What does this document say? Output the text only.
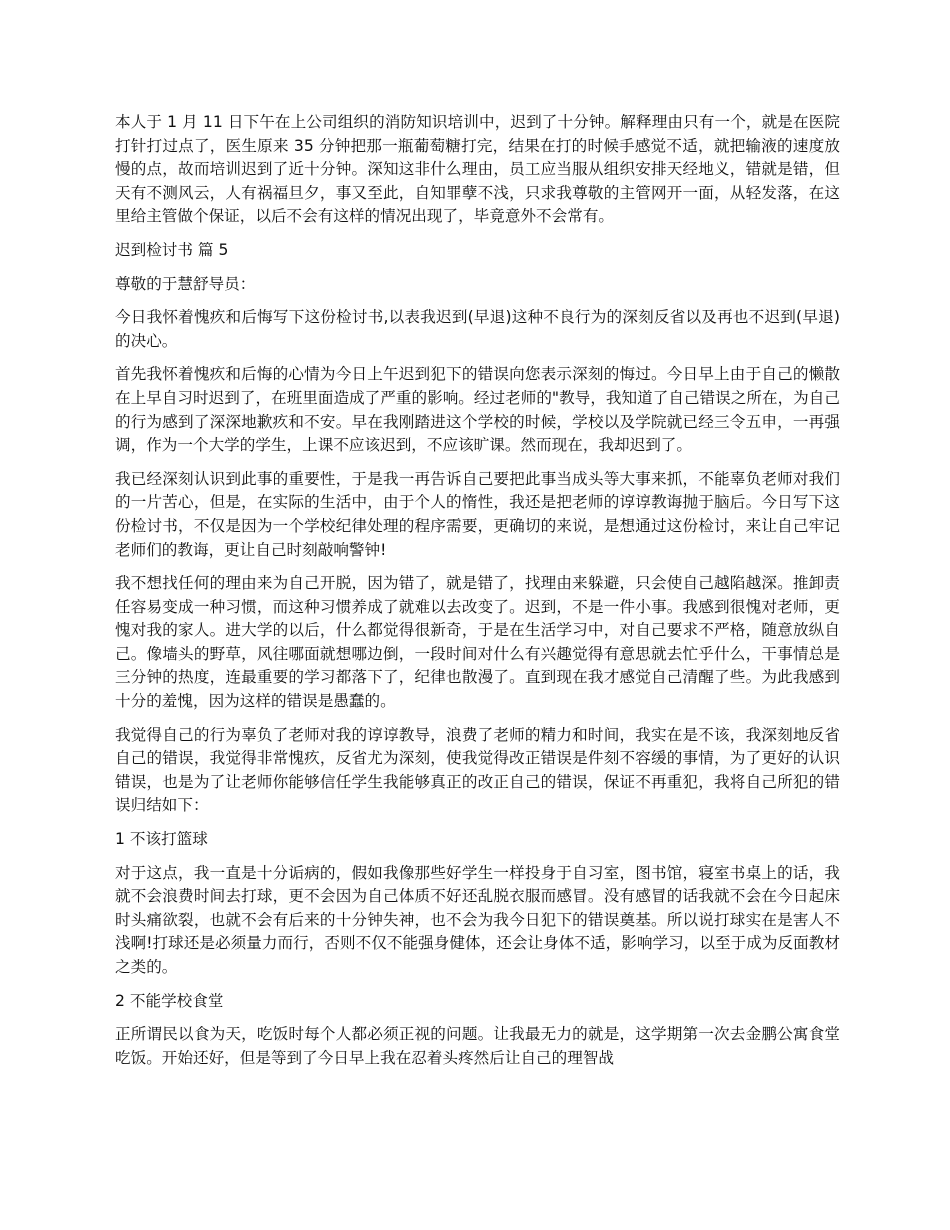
本人于 1 月 11 日下午在上公司组织的消防知识培训中，迟到了十分钟。解释理由只有一个，就是在医院打针打过点了，医生原来 35 分钟把那一瓶葡萄糖打完，结果在打的时候手感觉不适，就把输液的速度放慢的点，故而培训迟到了近十分钟。深知这非什么理由，员工应当服从组织安排天经地义，错就是错，但天有不测风云，人有祸福旦夕，事又至此，自知罪孽不浅，只求我尊敬的主管网开一面，从轻发落，在这里给主管做个保证，以后不会有这样的情况出现了，毕竟意外不会常有。

迟到检讨书 篇 5

尊敬的于慧舒导员：

今日我怀着愧疚和后悔写下这份检讨书,以表我迟到(早退)这种不良行为的深刻反省以及再也不迟到(早退)的决心。

首先我怀着愧疚和后悔的心情为今日上午迟到犯下的错误向您表示深刻的悔过。今日早上由于自己的懒散在上早自习时迟到了，在班里面造成了严重的影响。经过老师的"教导，我知道了自己错误之所在，为自己的行为感到了深深地歉疚和不安。早在我刚踏进这个学校的时候，学校以及学院就已经三令五申，一再强调，作为一个大学的学生，上课不应该迟到，不应该旷课。然而现在，我却迟到了。

我已经深刻认识到此事的重要性，于是我一再告诉自己要把此事当成头等大事来抓，不能辜负老师对我们的一片苦心，但是，在实际的生活中，由于个人的惰性，我还是把老师的谆谆教诲抛于脑后。今日写下这份检讨书，不仅是因为一个学校纪律处理的程序需要，更确切的来说，是想通过这份检讨，来让自己牢记老师们的教诲，更让自己时刻敲响警钟!

我不想找任何的理由来为自己开脱，因为错了，就是错了，找理由来躲避，只会使自己越陷越深。推卸责任容易变成一种习惯，而这种习惯养成了就难以去改变了。迟到，不是一件小事。我感到很愧对老师，更愧对我的家人。进大学的以后，什么都觉得很新奇，于是在生活学习中，对自己要求不严格，随意放纵自己。像墙头的野草，风往哪面就想哪边倒，一段时间对什么有兴趣觉得有意思就去忙乎什么，干事情总是三分钟的热度，连最重要的学习都落下了，纪律也散漫了。直到现在我才感觉自己清醒了些。为此我感到十分的羞愧，因为这样的错误是愚蠢的。

我觉得自己的行为辜负了老师对我的谆谆教导，浪费了老师的精力和时间，我实在是不该，我深刻地反省自己的错误，我觉得非常愧疚，反省尤为深刻，使我觉得改正错误是件刻不容缓的事情，为了更好的认识错误，也是为了让老师你能够信任学生我能够真正的改正自己的错误，保证不再重犯，我将自己所犯的错误归结如下：

1 不该打篮球

对于这点，我一直是十分诟病的，假如我像那些好学生一样投身于自习室，图书馆，寝室书桌上的话，我就不会浪费时间去打球，更不会因为自己体质不好还乱脱衣服而感冒。没有感冒的话我就不会在今日起床时头痛欲裂，也就不会有后来的十分钟失神，也不会为我今日犯下的错误奠基。所以说打球实在是害人不浅啊!打球还是必须量力而行，否则不仅不能强身健体，还会让身体不适，影响学习，以至于成为反面教材之类的。

2 不能学校食堂

正所谓民以食为天，吃饭时每个人都必须正视的问题。让我最无力的就是，这学期第一次去金鹏公寓食堂吃饭。开始还好，但是等到了今日早上我在忍着头疼然后让自己的理智战
